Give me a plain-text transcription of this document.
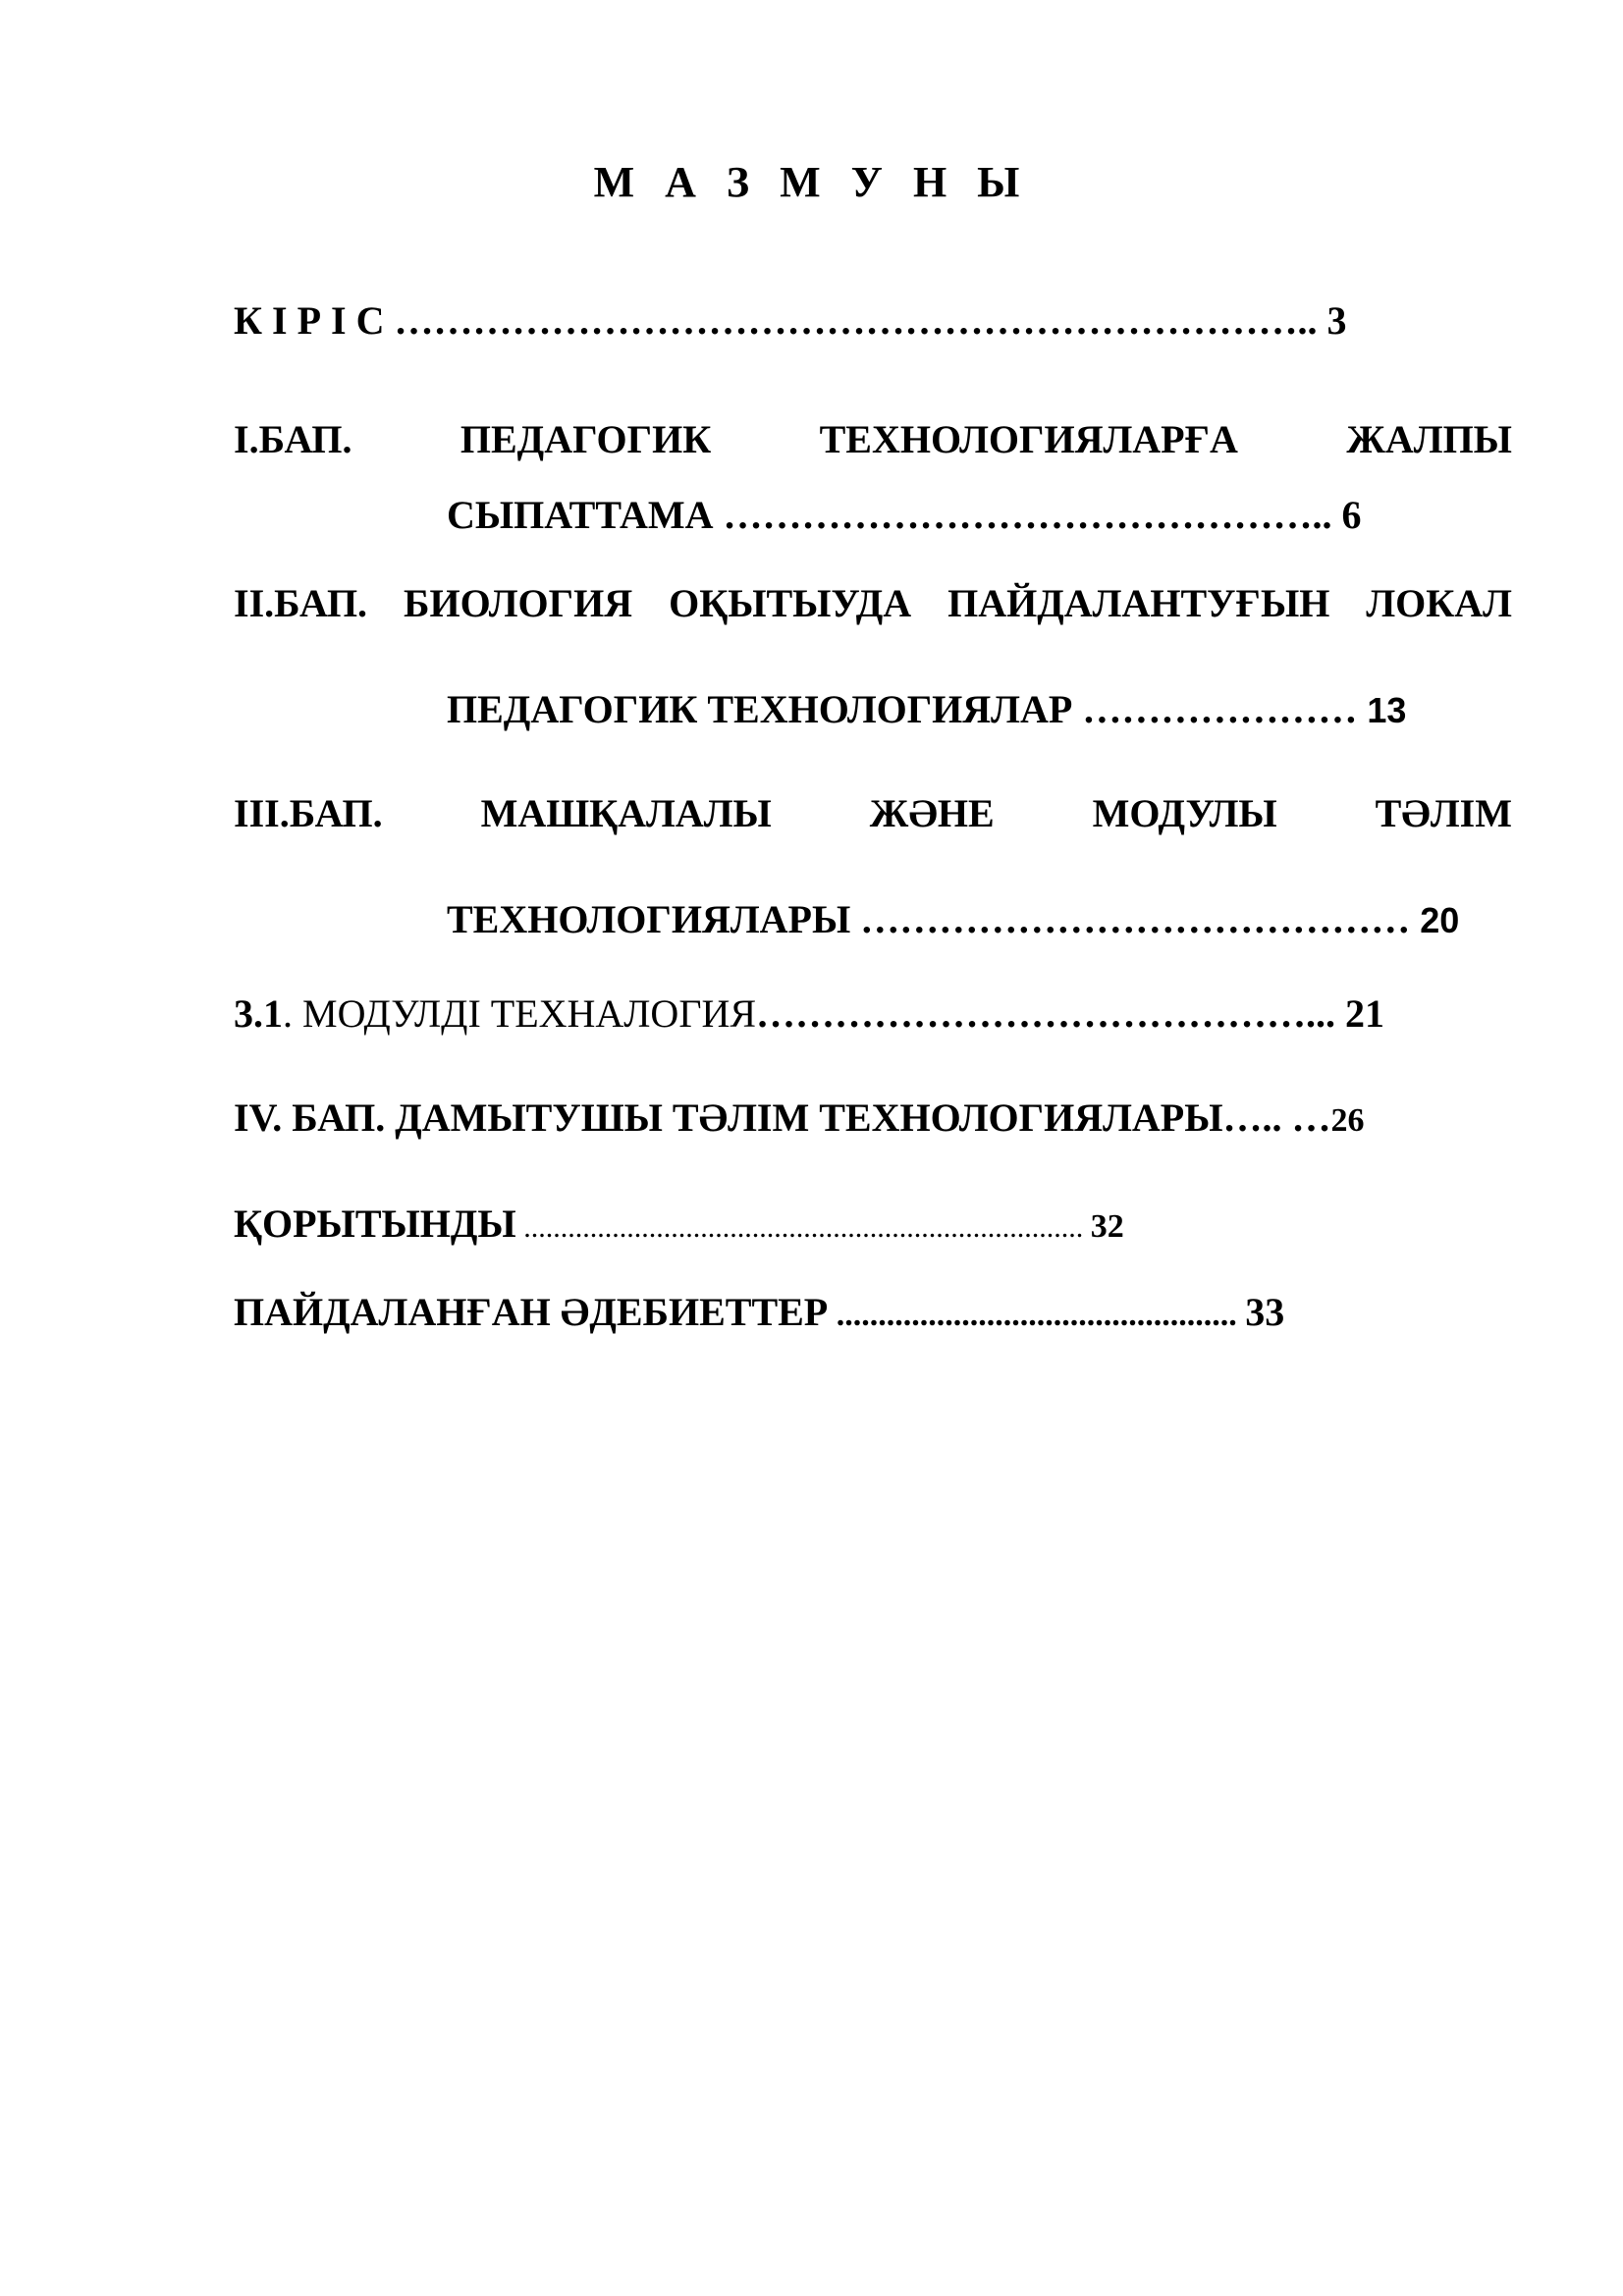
М А З М У Н Ы
К І Р І С …………………………………………………………….. 3
І.БАП.	ПЕДАГОГИК	ТЕХНОЛОГИЯЛАРҒА	ЖАЛПЫ
СЫПАТТАМА ……………………………………….. 6
ІІ.БАП. БИОЛОГИЯ ОҚЫТЫУДА ПАЙДАЛАНТУҒЫН ЛОКАЛ
ПЕДАГОГИК ТЕХНОЛОГИЯЛАР ………………… 13
ІІІ.БАП. МАШҚАЛАЛЫ ЖӘНЕ МОДУЛЫ ТӘЛІМ
ТЕХНОЛОГИЯЛАРЫ …………………………………… 20
3.1. МОДУЛДІ ТЕХНАЛОГИЯ……………………………………... 21
IV. БАП. ДАМЫТУШЫ ТӘЛІМ ТЕХНОЛОГИЯЛАРЫ….. …26
ҚОРЫТЫНДЫ ............................................................................ 32
ПАЙДАЛАНҒАН ӘДЕБИЕТТЕР ................................................ 33
